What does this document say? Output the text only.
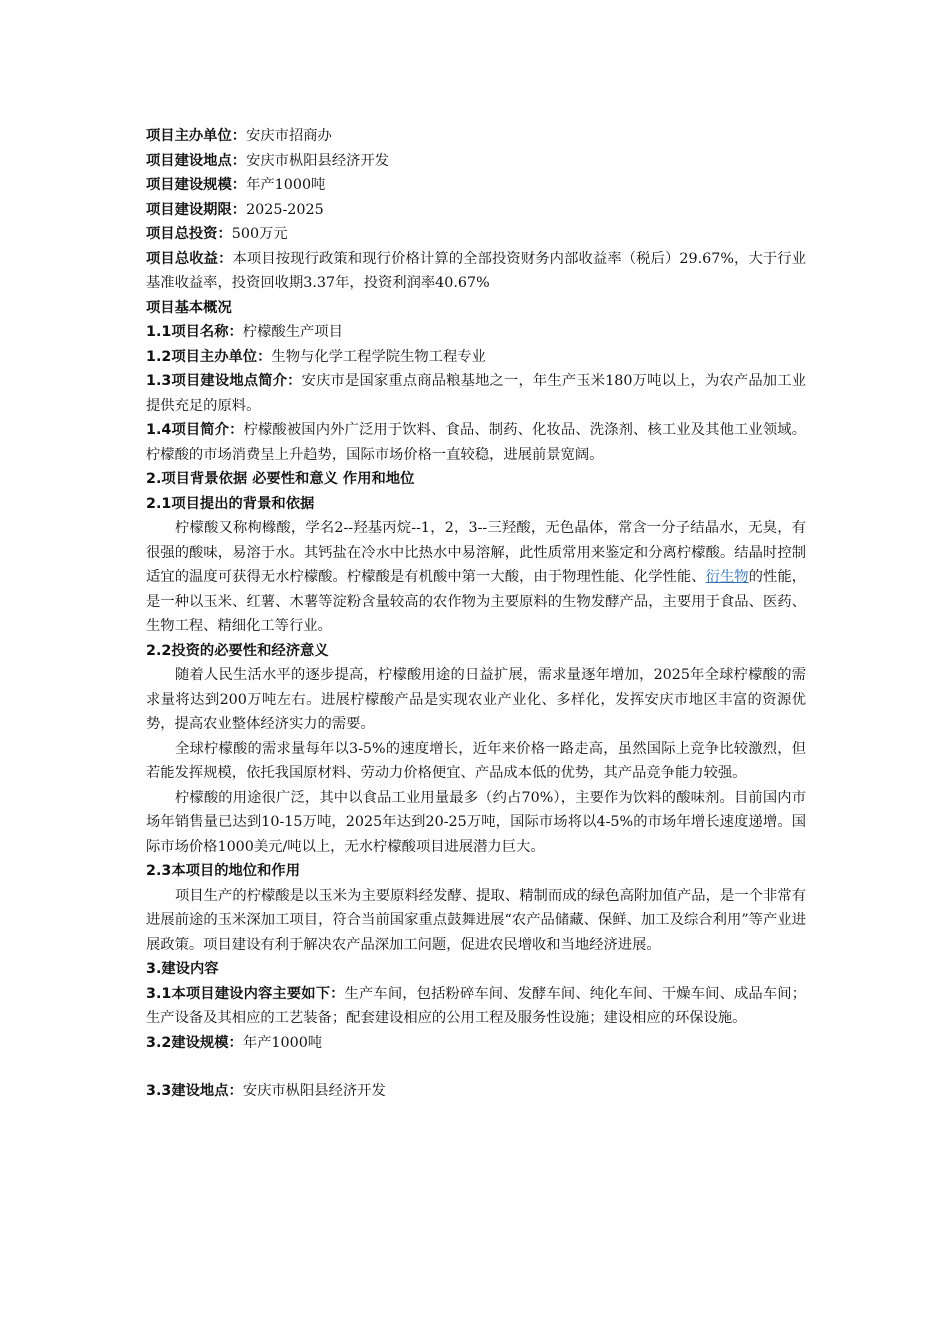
项目主办单位：安庆市招商办

项目建设地点：安庆市枞阳县经济开发

项目建设规模：年产1000吨

项目建设期限：2025-2025

项目总投资：500万元

项目总收益：本项目按现行政策和现行价格计算的全部投资财务内部收益率（税后）29.67%，大于行业基准收益率，投资回收期3.37年，投资利润率40.67%

项目基本概况

1.1项目名称：柠檬酸生产项目

1.2项目主办单位：生物与化学工程学院生物工程专业

1.3项目建设地点简介：安庆市是国家重点商品粮基地之一，年生产玉米180万吨以上，为农产品加工业提供充足的原料。

1.4项目简介：柠檬酸被国内外广泛用于饮料、食品、制药、化妆品、洗涤剂、核工业及其他工业领域。柠檬酸的市场消费呈上升趋势，国际市场价格一直较稳，进展前景宽阔。

2.项目背景依据 必要性和意义 作用和地位

2.1项目提出的背景和依据

柠檬酸又称枸橼酸，学名2--羟基丙烷--1，2，3--三羟酸，无色晶体，常含一分子结晶水，无臭，有很强的酸味，易溶于水。其钙盐在冷水中比热水中易溶解，此性质常用来鉴定和分离柠檬酸。结晶时控制适宜的温度可获得无水柠檬酸。柠檬酸是有机酸中第一大酸，由于物理性能、化学性能、衍生物的性能，是一种以玉米、红薯、木薯等淀粉含量较高的农作物为主要原料的生物发酵产品，主要用于食品、医药、生物工程、精细化工等行业。

2.2投资的必要性和经济意义

随着人民生活水平的逐步提高，柠檬酸用途的日益扩展，需求量逐年增加，2025年全球柠檬酸的需求量将达到200万吨左右。进展柠檬酸产品是实现农业产业化、多样化，发挥安庆市地区丰富的资源优势，提高农业整体经济实力的需要。

全球柠檬酸的需求量每年以3-5%的速度增长，近年来价格一路走高，虽然国际上竞争比较激烈，但若能发挥规模，依托我国原材料、劳动力价格便宜、产品成本低的优势，其产品竞争能力较强。

柠檬酸的用途很广泛，其中以食品工业用量最多（约占70%），主要作为饮料的酸味剂。目前国内市场年销售量已达到10-15万吨，2025年达到20-25万吨，国际市场将以4-5%的市场年增长速度递增。国际市场价格1000美元/吨以上，无水柠檬酸项目进展潜力巨大。

2.3本项目的地位和作用

项目生产的柠檬酸是以玉米为主要原料经发酵、提取、精制而成的绿色高附加值产品，是一个非常有进展前途的玉米深加工项目，符合当前国家重点鼓舞进展“农产品储藏、保鲜、加工及综合利用”等产业进展政策。项目建设有利于解决农产品深加工问题，促进农民增收和当地经济进展。

3.建设内容

3.1本项目建设内容主要如下：生产车间，包括粉碎车间、发酵车间、纯化车间、干燥车间、成品车间；生产设备及其相应的工艺装备；配套建设相应的公用工程及服务性设施；建设相应的环保设施。

3.2建设规模：年产1000吨

3.3建设地点：安庆市枞阳县经济开发
